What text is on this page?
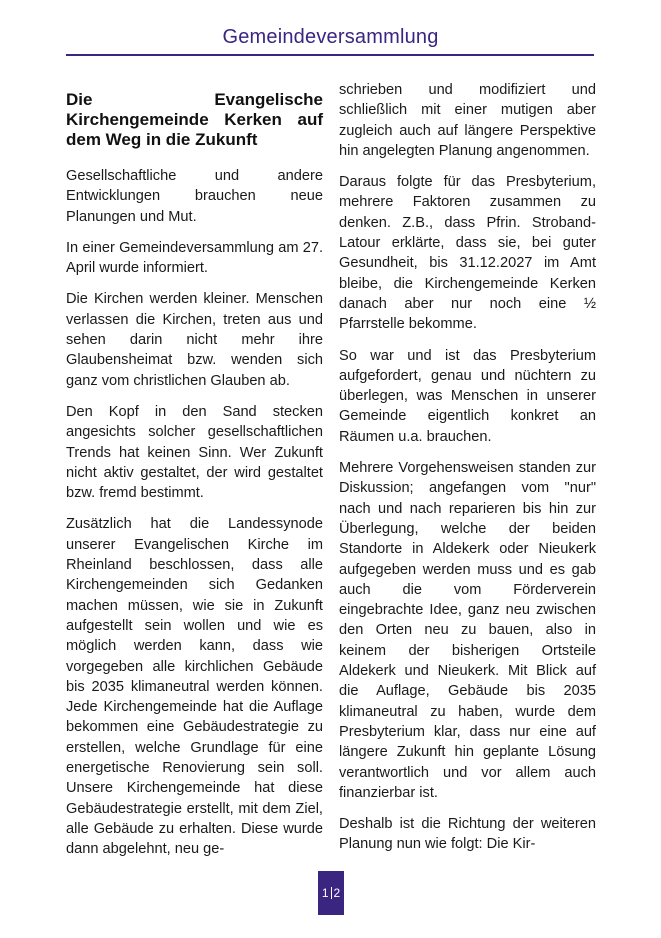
Gemeindeversammlung
Die Evangelische Kirchengemeinde Kerken auf dem Weg in die Zukunft

Gesellschaftliche und andere Entwicklungen brauchen neue Planungen und Mut.

In einer Gemeindeversammlung am 27. April wurde informiert.

Die Kirchen werden kleiner. Menschen verlassen die Kirchen, treten aus und sehen darin nicht mehr ihre Glaubensheimat bzw. wenden sich ganz vom christlichen Glauben ab.

Den Kopf in den Sand stecken angesichts solcher gesellschaftlichen Trends hat keinen Sinn. Wer Zukunft nicht aktiv gestaltet, der wird gestaltet bzw. fremd bestimmt.

Zusätzlich hat die Landessynode unserer Evangelischen Kirche im Rheinland beschlossen, dass alle Kirchengemeinden sich Gedanken machen müssen, wie sie in Zukunft aufgestellt sein wollen und wie es möglich werden kann, dass wie vorgegeben alle kirchlichen Gebäude bis 2035 klimaneutral werden können. Jede Kirchengemeinde hat die Auflage bekommen eine Gebäudestrategie zu erstellen, welche Grundlage für eine energetische Renovierung sein soll. Unsere Kirchengemeinde hat diese Gebäudestrategie erstellt, mit dem Ziel, alle Gebäude zu erhalten. Diese wurde dann abgelehnt, neu ge-

schrieben und modifiziert und schließlich mit einer mutigen aber zugleich auch auf längere Perspektive hin angelegten Planung angenommen.

Daraus folgte für das Presbyterium, mehrere Faktoren zusammen zu denken. Z.B., dass Pfrin. Stroband-Latour erklärte, dass sie, bei guter Gesundheit, bis 31.12.2027 im Amt bleibe, die Kirchengemeinde Kerken danach aber nur noch eine ½ Pfarrstelle bekomme.

So war und ist das Presbyterium aufgefordert, genau und nüchtern zu überlegen, was Menschen in unserer Gemeinde eigentlich konkret an Räumen u.a. brauchen.

Mehrere Vorgehensweisen standen zur Diskussion; angefangen vom "nur" nach und nach reparieren bis hin zur Überlegung, welche der beiden Standorte in Aldekerk oder Nieukerk aufgegeben werden muss und es gab auch die vom Förderverein eingebrachte Idee, ganz neu zwischen den Orten neu zu bauen, also in keinem der bisherigen Ortsteile Aldekerk und Nieukerk. Mit Blick auf die Auflage, Gebäude bis 2035 klimaneutral zu haben, wurde dem Presbyterium klar, dass nur eine auf längere Zukunft hin geplante Lösung verantwortlich und vor allem auch finanzierbar ist.

Deshalb ist die Richtung der weiteren Planung nun wie folgt: Die Kir-

1 2
